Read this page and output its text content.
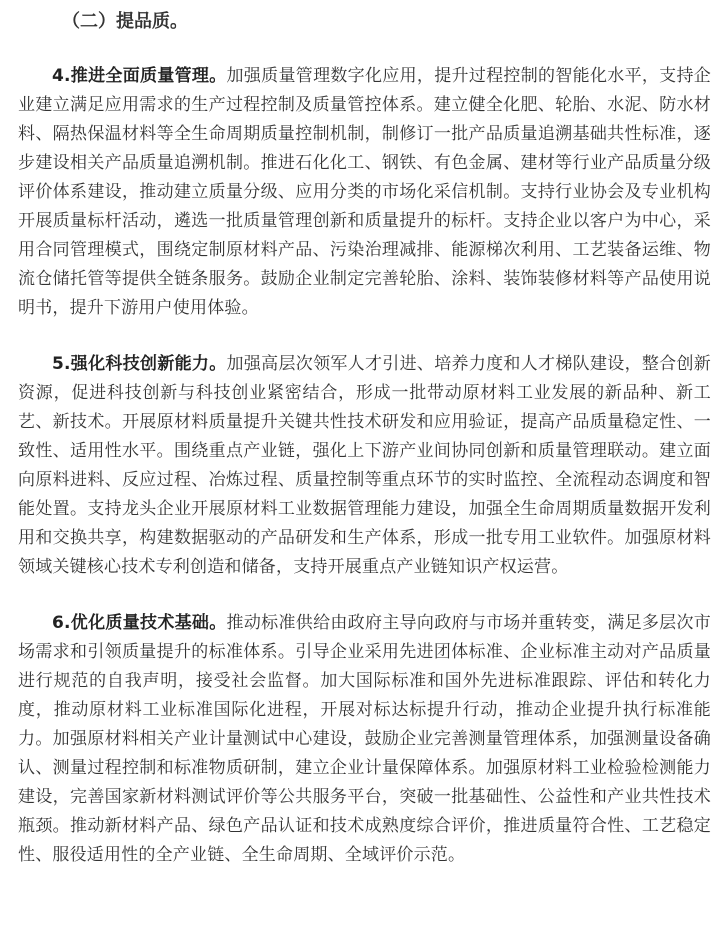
（二）提品质。

4.推进全面质量管理。加强质量管理数字化应用，提升过程控制的智能化水平，支持企业建立满足应用需求的生产过程控制及质量管控体系。建立健全化肥、轮胎、水泥、防水材料、隔热保温材料等全生命周期质量控制机制，制修订一批产品质量追溯基础共性标准，逐步建设相关产品质量追溯机制。推进石化化工、钢铁、有色金属、建材等行业产品质量分级评价体系建设，推动建立质量分级、应用分类的市场化采信机制。支持行业协会及专业机构开展质量标杆活动，遴选一批质量管理创新和质量提升的标杆。支持企业以客户为中心，采用合同管理模式，围绕定制原材料产品、污染治理减排、能源梯次利用、工艺装备运维、物流仓储托管等提供全链条服务。鼓励企业制定完善轮胎、涂料、装饰装修材料等产品使用说明书，提升下游用户使用体验。

5.强化科技创新能力。加强高层次领军人才引进、培养力度和人才梯队建设，整合创新资源，促进科技创新与科技创业紧密结合，形成一批带动原材料工业发展的新品种、新工艺、新技术。开展原材料质量提升关键共性技术研发和应用验证，提高产品质量稳定性、一致性、适用性水平。围绕重点产业链，强化上下游产业间协同创新和质量管理联动。建立面向原料进料、反应过程、冶炼过程、质量控制等重点环节的实时监控、全流程动态调度和智能处置。支持龙头企业开展原材料工业数据管理能力建设，加强全生命周期质量数据开发利用和交换共享，构建数据驱动的产品研发和生产体系，形成一批专用工业软件。加强原材料领域关键核心技术专利创造和储备，支持开展重点产业链知识产权运营。

6.优化质量技术基础。推动标准供给由政府主导向政府与市场并重转变，满足多层次市场需求和引领质量提升的标准体系。引导企业采用先进团体标准、企业标准主动对产品质量进行规范的自我声明，接受社会监督。加大国际标准和国外先进标准跟踪、评估和转化力度，推动原材料工业标准国际化进程，开展对标达标提升行动，推动企业提升执行标准能力。加强原材料相关产业计量测试中心建设，鼓励企业完善测量管理体系，加强测量设备确认、测量过程控制和标准物质研制，建立企业计量保障体系。加强原材料工业检验检测能力建设，完善国家新材料测试评价等公共服务平台，突破一批基础性、公益性和产业共性技术瓶颈。推动新材料产品、绿色产品认证和技术成熟度综合评价，推进质量符合性、工艺稳定性、服役适用性的全产业链、全生命周期、全域评价示范。
